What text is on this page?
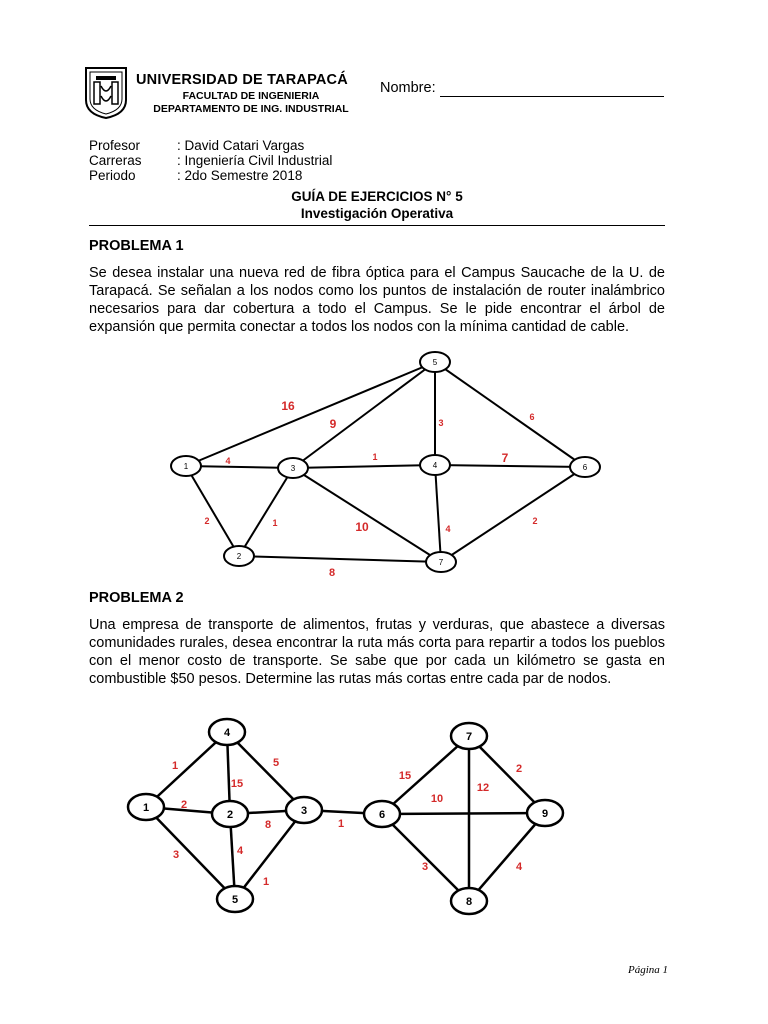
UNIVERSIDAD DE TARAPACÁ
FACULTAD DE INGENIERIA
DEPARTAMENTO DE ING. INDUSTRIAL
Nombre:
Profesor	: David Catari Vargas
Carreras	: Ingeniería Civil Industrial
Periodo	: 2do Semestre 2018
GUÍA DE EJERCICIOS N° 5
Investigación Operativa
PROBLEMA 1
Se desea instalar una nueva red de fibra óptica para el Campus Saucache de la U. de Tarapacá. Se señalan a los nodos como los puntos de instalación de router inalámbrico necesarios para dar cobertura a todo el Campus. Se le pide encontrar el árbol de expansión que permita conectar a todos los nodos con la mínima cantidad de cable.
16
4
2	1
8
9
1
10
3
7
4
6
2
1
2
3	4
5
6
7
PROBLEMA 2
Una empresa de transporte de alimentos, frutas y verduras, que abastece a diversas comunidades rurales, desea encontrar la ruta más corta para repartir a todos los pueblos con el menor costo de transporte. Se sabe que por cada un kilómetro se gasta en combustible $50 pesos. Determine las rutas más cortas entre cada par de nodos.
1
2
3
15
5
8
4
1
1
15
10
12
2
3	4
1
2	3
4
5
6
7
8
9
Página 1
